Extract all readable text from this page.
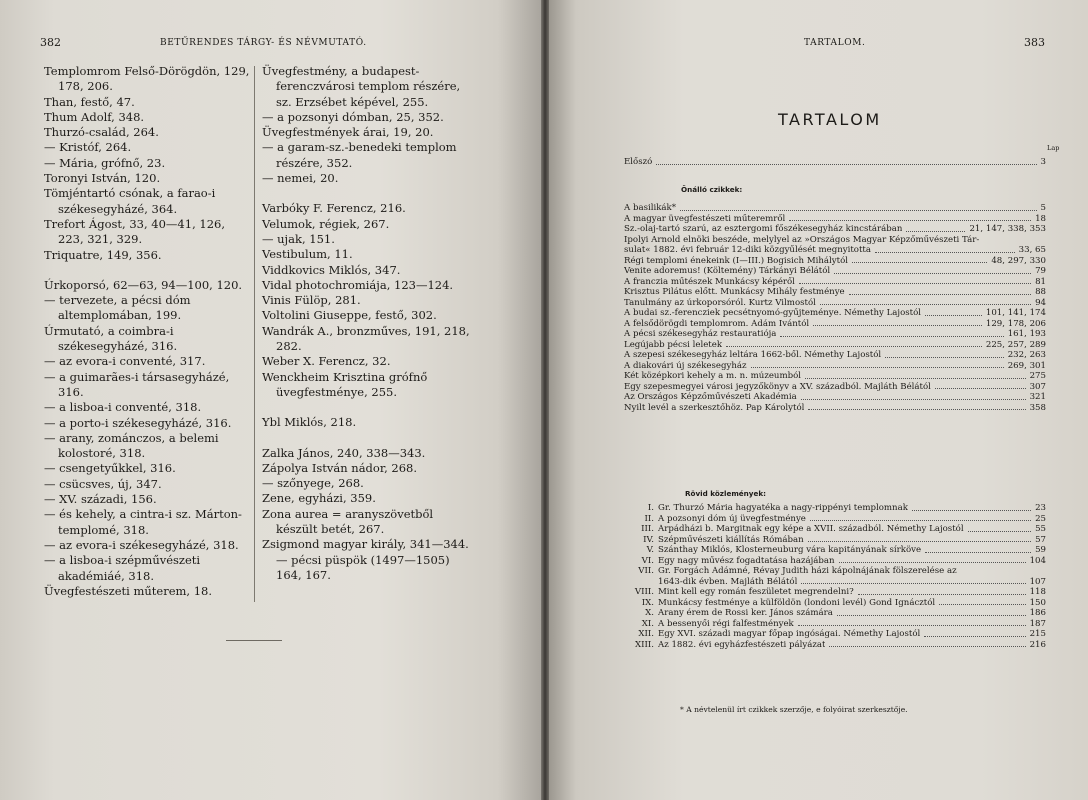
382	BETŰRENDES TÁRGY- ÉS NÉVMUTATÓ.
Templomrom Felső-Dörögdön, 129, 178, 206.
Than, festő, 47.
Thum Adolf, 348.
Thurzó-család, 264.
— Kristóf, 264.
— Mária, grófnő, 23.
Toronyi István, 120.
Tömjéntartó csónak, a farao-i székesegyházé, 364.
Trefort Ágost, 33, 40—41, 126, 223, 321, 329.
Triquatre, 149, 356.
Úrkoporsó, 62—63, 94—100, 120.
— tervezete, a pécsi dóm altemplomában, 199.
Úrmutató, a coimbra-i székesegyházé, 316.
— az evora-i conventé, 317.
— a guimarães-i társasegyházé, 316.
— a lisboa-i conventé, 318.
— a porto-i székesegyházé, 316.
— arany, zománczos, a belemi kolostoré, 318.
— csengetyűkkel, 316.
— csücsves, új, 347.
— XV. századi, 156.
— és kehely, a cintra-i sz. Márton-templomé, 318.
— az evora-i székesegyházé, 318.
— a lisboa-i szépművészeti akadémiáé, 318.
Üvegfestészeti műterem, 18.
Üvegfestmény, a budapest-ferenczvárosi templom részére, sz. Erzsébet képével, 255.
— a pozsonyi dómban, 25, 352.
Üvegfestmények árai, 19, 20.
— a garam-sz.-benedeki templom részére, 352.
— nemei, 20.
Varbóky F. Ferencz, 216.
Velumok, régiek, 267.
— ujak, 151.
Vestibulum, 11.
Viddkovics Miklós, 347.
Vidal photochromiája, 123—124.
Vinis Fülöp, 281.
Voltolini Giuseppe, festő, 302.
Wandrák A., bronzműves, 191, 218, 282.
Weber X. Ferencz, 32.
Wenckheim Krisztina grófnő üvegfestménye, 255.
Ybl Miklós, 218.
Zalka János, 240, 338—343.
Zápolya István nádor, 268.
— szőnyege, 268.
Zene, egyházi, 359.
Zona aurea = aranyszövetből készült betét, 267.
Zsigmond magyar király, 341—344. — pécsi püspök (1497—1505) 164, 167.
TARTALOM.	383
TARTALOM
Lap
Előszó	3
Önálló czikkek:
A basilikák*	5
A magyar üvegfestészeti műteremről	18
Sz.-olaj-tartó szarú, az esztergomi főszékesegyház kincstárában	21, 147, 338, 353
Ipolyi Arnold elnöki beszéde, melylyel az »Országos Magyar Képzőművészeti Tár-
sulat« 1882. évi február 12-diki közgyűlését megnyitotta	33, 65
Régi templomi énekeink (I—III.) Bogisich Mihálytól	48, 297, 330
Venite adoremus! (Költemény) Tárkányi Bélától	79
A franczia műtészek Munkácsy képéről	81
Krisztus Pilátus előtt. Munkácsy Mihály festménye	88
Tanulmány az úrkoporsóról. Kurtz Vilmostól	94
A budai sz.-ferencziek pecsétnyomó-gyűjteménye. Némethy Lajostól	101, 141, 174
A felsődörögdi templomrom. Ádám Ivántól	129, 178, 206
A pécsi székesegyház restauratiója	161, 193
Legújabb pécsi leletek	225, 257, 289
A szepesi székesegyház leltára 1662-ből. Némethy Lajostól	232, 263
A diakovári új székesegyház	269, 301
Két középkori kehely a m. n. múzeumból	275
Egy szepesmegyei városi jegyzőkönyv a XV. századból. Majláth Bélától	307
Az Országos Képzőművészeti Akadémia	321
Nyilt levél a szerkesztőhöz. Pap Károlytól	358
Rövid közlemények:
I. Gr. Thurzó Mária hagyatéka a nagy-rippényi templomnak	23
II. A pozsonyi dóm új üvegfestménye	25
III. Árpádházi b. Margitnak egy képe a XVII. századból. Némethy Lajostól	55
IV. Szépművészeti kiállítás Rómában	57
V. Szánthay Miklós, Klosterneuburg vára kapitányának sírköve	59
VI. Egy nagy művész fogadtatása hazájában	104
VII. Gr. Forgách Ádámné, Révay Judith házi kápolnájának fölszerelése az
1643-dik évben. Majláth Bélától	107
VIII. Mint kell egy román feszületet megrendelni?	118
IX. Munkácsy festménye a külföldön (londoni levél) Gond Ignácztól	150
X. Arany érem de Rossi ker. János számára	186
XI. A bessenyői régi falfestmények	187
XII. Egy XVI. századi magyar főpap ingóságai. Némethy Lajostól	215
XIII. Az 1882. évi egyházfestészeti pályázat	216
* A névtelenül írt czikkek szerzője, e folyóirat szerkesztője.
